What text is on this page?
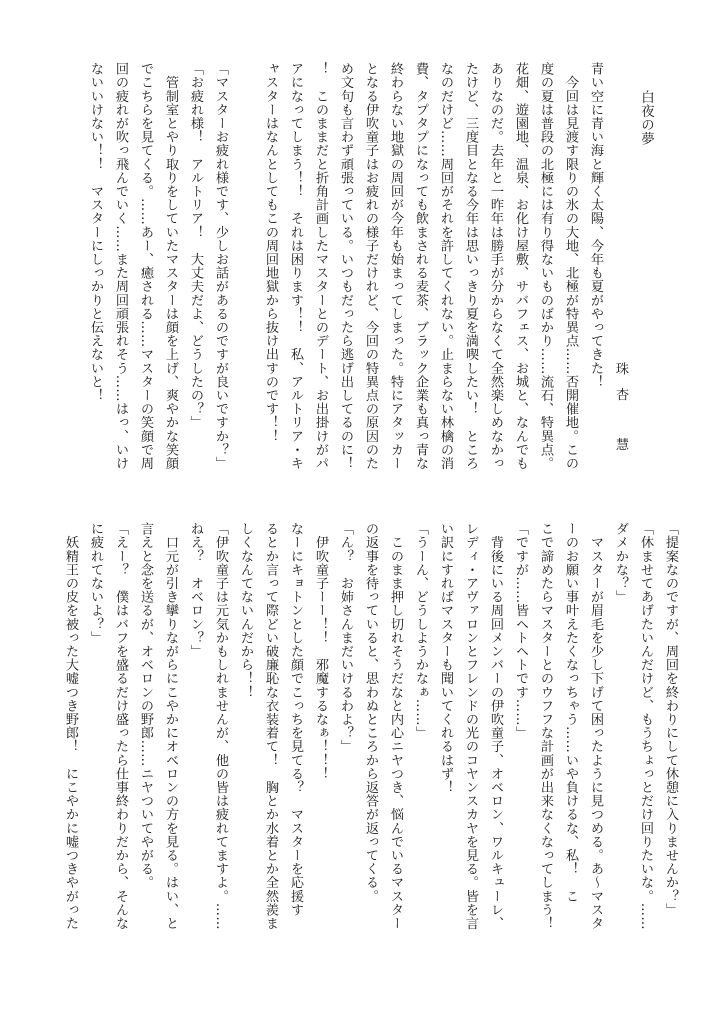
白夜の夢
珠杏　慧
青い空に青い海と輝く太陽、今年も夏がやってきた！
　今回は見渡す限りの氷の大地、北極が特異点……否開催地。この
度の夏は普段の北極には有り得ないものばかり……流石、特異点。
花畑、遊園地、温泉、お化け屋敷、サバフェス、お城と、なんでも
ありなのだ。去年と一昨年は勝手が分からなくて全然楽しめなかっ
たけど、三度目となる今年は思いっきり夏を満喫したい！　ところ
なのだけど……周回がそれを許してくれない。止まらない林檎の消
費、タプタプになっても飲まされる麦茶、ブラック企業も真っ青な
終わらない地獄の周回が今年も始まってしまった。特にアタッカー
となる伊吹童子はお疲れの様子だけれど、今回の特異点の原因のた
め文句も言わず頑張っている。いつもだったら逃げ出してるのに！
！　このままだと折角計画したマスターとのデート、お出掛けがパ
アになってしまう！！　それは困ります！！　私、アルトリア・キ
ャスターはなんとしてもこの周回地獄から抜け出すのです！！
「マスターお疲れ様です、少しお話があるのですが良いですか？」
「お疲れ様！　アルトリア！　大丈夫だよ、どうしたの？」
　管制室とやり取りをしていたマスターは顔を上げ、爽やかな笑顔
でこちらを見てくる。……あー、癒される……マスターの笑顔で周
回の疲れが吹っ飛んでいく……また周回頑張れそう……はっ、いけ
ないいけない！！　マスターにしっかりと伝えないと！
「提案なのですが、周回を終わりにして休憩に入りませんか？」
「休ませてあげたいんだけど、もうちょっとだけ回りたいな。……
ダメかな？」
　マスターが眉毛を少し下げて困ったように見つめる。あ〜マスタ
ーのお願い事叶えたくなっちゃう……いや負けるな、私！　こ
こで諦めたらマスターとのウフフな計画が出来なくなってしまう！
「ですが……皆ヘトヘトです……」
　背後にいる周回メンバーの伊吹童子、オベロン、ワルキューレ、
レディ・アヴァロンとフレンドの光のコヤンスカヤを見る。皆を言
い訳にすればマスターも聞いてくれるはず！
「うーん、どうしようかなぁ……」
　このまま押し切れそうだなと内心ニヤつき、悩んでいるマスター
の返事を待っていると、思わぬところから返答が返ってくる。
「ん？　お姉さんまだいけるわよ？」
　伊吹童子ーー！！　邪魔するなぁ！！！
なーにキョトンとした顔でこっちを見てる？　マスターを応援す
るとか言って際どい破廉恥な衣装着て！　胸とか水着とか全然羨ま
しくなんてないんだから！！
「伊吹童子は元気かもしれませんが、他の皆は疲れてますよ。……
ねえ？　オベロン？」
　口元が引き攣りながらにこやかにオベロンの方を見る。はい、と
言えと念を送るが、オベロンの野郎……ニヤついてやがる。
「えー？　僕はバフを盛るだけ盛ったら仕事終わりだから、そんな
に疲れてないよ？」
　妖精王の皮を被った大嘘つき野郎！　にこやかに嘘つきやがった
